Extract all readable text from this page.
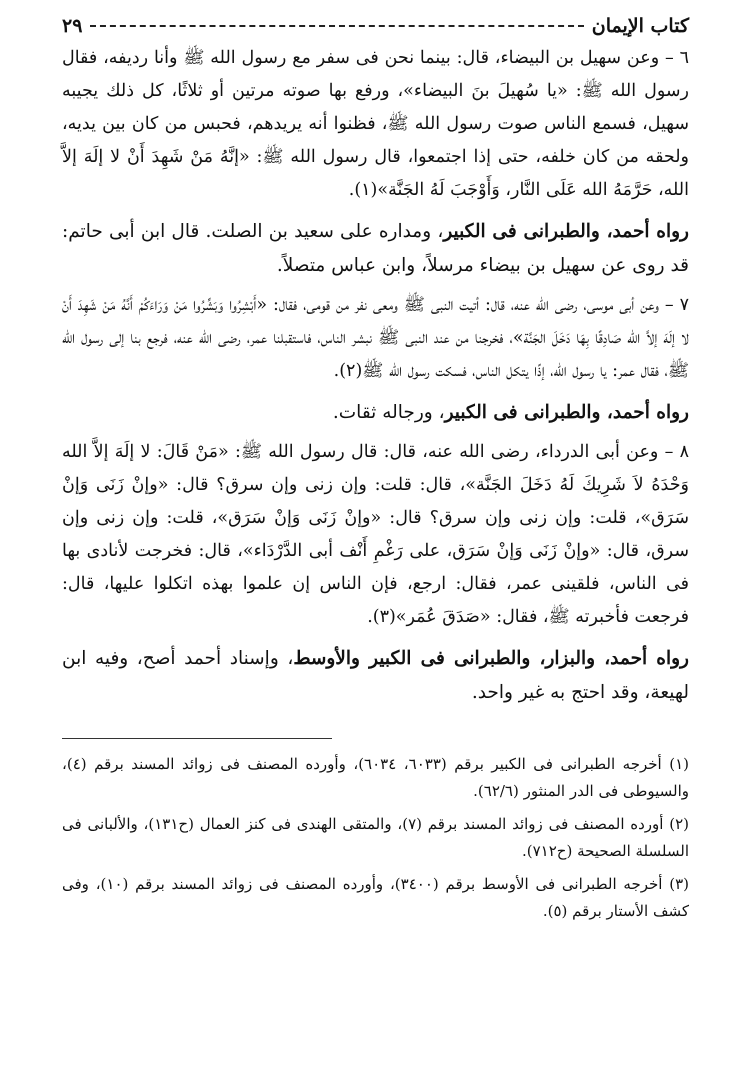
كتاب الإيمان
٢٩

٦ – وعن سهيل بن البيضاء، قال: بينما نحن فى سفر مع رسول الله ﷺ وأنا رديفه، فقال رسول الله ﷺ: «يا سُهيلَ بنَ البيضاء»، ورفع بها صوته مرتين أو ثلاثًا، كل ذلك يجيبه سهيل، فسمع الناس صوت رسول الله ﷺ، فظنوا أنه يريدهم، فحبس من كان بين يديه، ولحقه من كان خلفه، حتى إذا اجتمعوا، قال رسول الله ﷺ: «إنَّهُ مَنْ شَهِدَ أَنْ لا إلَهَ إلاَّ الله، حَرَّمَهُ الله عَلَى النَّار، وَأَوْجَبَ لَهُ الجَنَّة»(١).

رواه أحمد، والطبرانى فى الكبير، ومداره على سعيد بن الصلت. قال ابن أبى حاتم: قد روى عن سهيل بن بيضاء مرسلاً، وابن عباس متصلاً.

٧ – وعن أبى موسى، رضى الله عنه، قال: أتيت النبى ﷺ ومعى نفر من قومى، فقال: «أَبْشِرُوا وَبَشِّرُوا مَنْ وَرَاءَكُمْ أَنَّهُ مَنْ شَهِدَ أَنْ لا إلَهَ إلاَّ الله صَادِقًا بِهَا دَخَلَ الجَنَّة»، فخرجنا من عند النبى ﷺ نبشر الناس، فاستقبلنا عمر، رضى الله عنه، فرجع بنا إلى رسول الله ﷺ، فقال عمر: يا رسول الله، إذًا يتكل الناس، فسكت رسول الله ﷺ(٢).

رواه أحمد، والطبرانى فى الكبير، ورجاله ثقات.

٨ – وعن أبى الدرداء، رضى الله عنه، قال: قال رسول الله ﷺ: «مَنْ قَالَ: لا إلَهَ إلاَّ الله وَحْدَهُ لاَ شَرِيكَ لَهُ دَخَلَ الجَنَّة»، قال: قلت: وإن زنى وإن سرق؟ قال: «وإنْ زَنَى وَإنْ سَرَق»، قلت: وإن زنى وإن سرق؟ قال: «وإنْ زَنَى وَإنْ سَرَق»، قلت: وإن زنى وإن سرق، قال: «وإنْ زَنَى وَإنْ سَرَق، على رَغْمِ أَنْف أبى الدَّرْدَاء»، قال: فخرجت لأنادى بها فى الناس، فلقينى عمر، فقال: ارجع، فإن الناس إن علموا بهذه اتكلوا عليها، قال: فرجعت فأخبرته ﷺ، فقال: «صَدَقَ عُمَر»(٣).

رواه أحمد، والبزار، والطبرانى فى الكبير والأوسط، وإسناد أحمد أصح، وفيه ابن لهيعة، وقد احتج به غير واحد.

(١) أخرجه الطبرانى فى الكبير برقم (٦٠٣٣، ٦٠٣٤)، وأورده المصنف فى زوائد المسند برقم (٤)، والسيوطى فى الدر المنثور (٦٢/٦).

(٢) أورده المصنف فى زوائد المسند برقم (٧)، والمتقى الهندى فى كنز العمال (ح١٣١)، والألبانى فى السلسلة الصحيحة (ح٧١٢).

(٣) أخرجه الطبرانى فى الأوسط برقم (٣٤٠٠)، وأورده المصنف فى زوائد المسند برقم (١٠)، وفى كشف الأستار برقم (٥).
